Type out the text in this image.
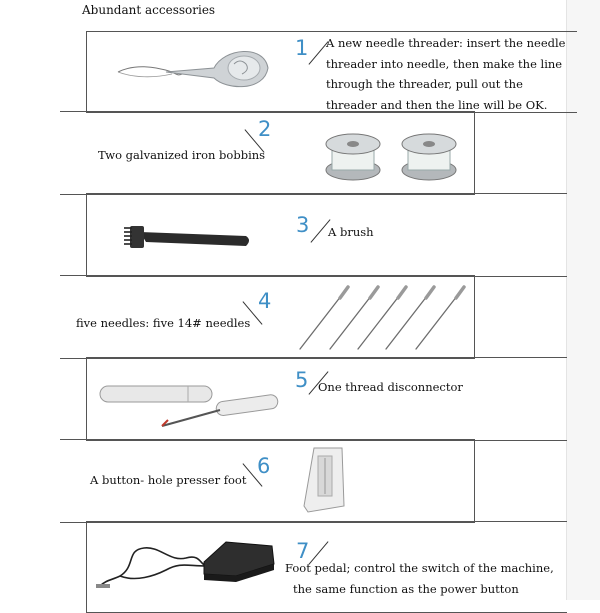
Abundant accessories
1 A new needle threader: insert the needle
threader into needle, then make the line
through the threader, pull out the
threader and then the line will be OK.
2
Two galvanized iron bobbins
3 A brush
4
five needles: five 14# needles
5 One thread disconnector
6
A button- hole presser foot
7
Foot pedal; control the switch of the machine,
the same function as the power button
